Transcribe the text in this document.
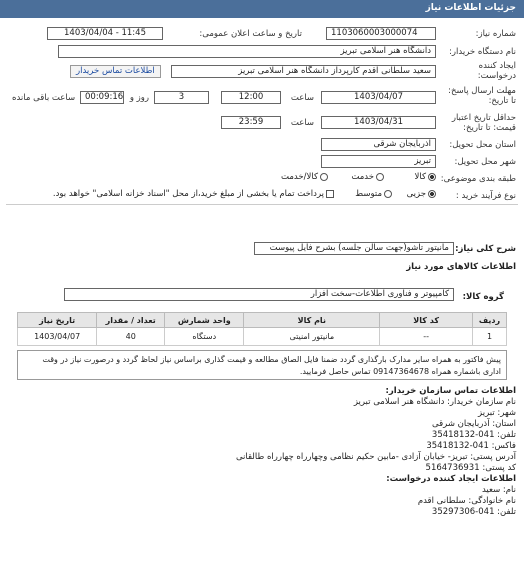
جزئیات اطلاعات نیاز
شماره نیاز:
1103060003000074
تاریخ و ساعت اعلان عمومی:
1403/04/04 - 11:45
نام دستگاه خریدار:
دانشگاه هنر اسلامی تبریز
ایجاد کننده
درخواست:
سعید سلطانی اقدم کارپرداز دانشگاه هنر اسلامی تبریز
اطلاعات تماس خریدار
مهلت ارسال پاسخ:
تا تاریخ:
1403/04/07
ساعت
12:00
3
روز و
00:09:16
ساعت باقی مانده
حداقل تاریخ اعتبار
قیمت: تا تاریخ:
1403/04/31
ساعت
23:59
استان محل تحویل:
آذربایجان شرقی
شهر محل تحویل:
تبریز
طبقه بندی موضوعی:
کالا
خدمت
کالا/خدمت
نوع فرآیند خرید :
جزیی
متوسط
پرداخت تمام یا بخشی از مبلغ خرید،از محل "اسناد خزانه اسلامی" خواهد بود.
شرح کلی نیاز:
مانیتور تاشو(جهت سالن جلسه) بشرح فایل پیوست
اطلاعات کالاهای مورد نیاز
گروه کالا:
کامپیوتر و فناوری اطلاعات-سخت افزار
ردیف	کد کالا	نام کالا	واحد شمارش	تعداد / مقدار	تاریخ نیاز
1	--	مانیتور امنیتی	دستگاه	40	1403/04/07
پیش فاکتور به همراه سایر مدارک بارگذاری گردد ضمنا فایل الصاق مطالعه و قیمت گذاری براساس نیاز لحاظ گردد و درصورت نیاز در وقت اداری باشماره همراه 09147364678 تماس حاصل فرمایید.
اطلاعات تماس سازمان خریدار:
نام سازمان خریدار: دانشگاه هنر اسلامی تبریز
شهر: تبریز
استان: آذربایجان شرقی
تلفن: 041-35418132
فاکس: 041-35418132
آدرس پستی: تبریز- خیابان آزادی -مابین حکیم نظامی وچهارراه چهارراه طالقانی
کد پستی: 5164736931
اطلاعات ایجاد کننده درخواست:
نام: سعید
نام خانوادگی: سلطانی اقدم
تلفن: 041-35297306
